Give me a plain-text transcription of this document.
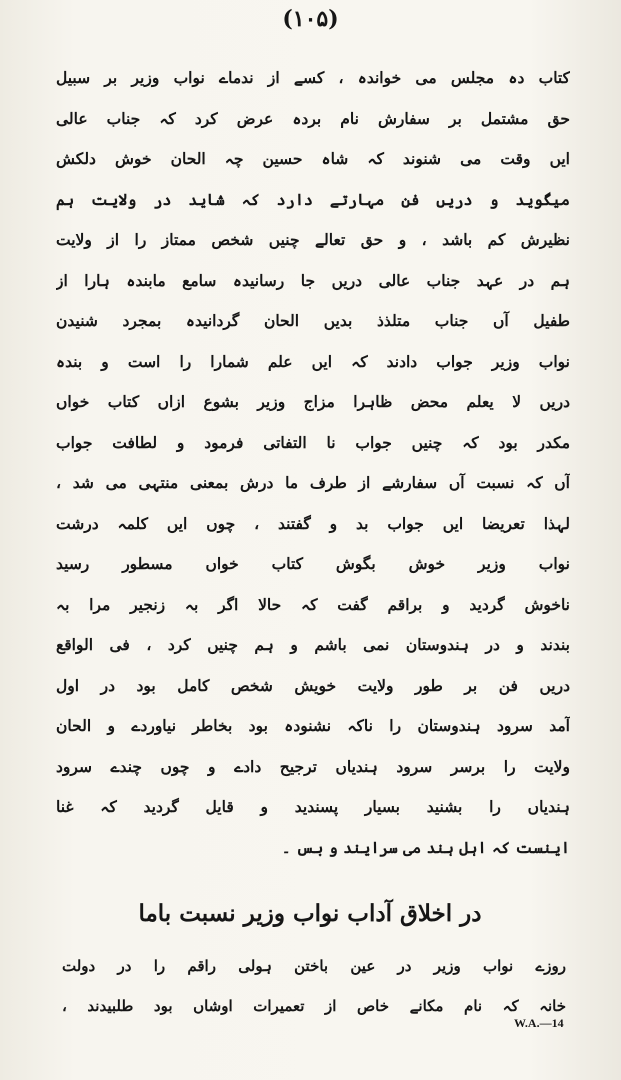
(۱۰۵)
کتاب دہ مجلس می خواندہ ، کسے از ندماے نواب وزیر بر سبیل
حق مشتمل بر سفارش نام بردہ عرض کرد کہ جناب عالی
ایں وقت می شنوند کہ شاہ حسین چہ الحان خوش دلکش
میگوید و دریں فن مہارتے دارد کہ شاید در ولایت ہم
نظیرش کم باشد ، و حق تعالے چنیں شخص ممتاز را از ولایت
ہم در عہد جناب عالی دریں جا رسانیدہ سامع مابندہ ہارا از
طفیل آں جناب متلذذ بدیں الحان گردانیدہ بمجرد شنیدن
نواب وزیر جواب دادند کہ ایں علم شمارا را است و بندہ
دریں لا یعلم محض ظاہرا مزاج وزیر بشوع ازاں کتاب خواں
مکدر بود کہ چنیں جواب نا التفاتی فرمود و لطافت جواب
آں کہ نسبت آں سفارشے از طرف ما درش بمعنی منتہی می شد ،
لہذا تعریضا ایں جواب بد و گفتند ، چوں ایں کلمہ درشت
نواب وزیر خوش بگوش کتاب خواں مسطور رسید
ناخوش گردید و براقم گفت کہ حالا اگر بہ زنجیر مرا بہ
بندند و در ہندوستان نمی باشم و ہم چنیں کرد ، فی الواقع
دریں فن بر طور ولایت خویش شخص کامل بود در اول
آمد سرود ہندوستان را ناکہ نشنودہ بود بخاطر نیاوردے و الحان
ولایت را برسر سرود ہندیاں ترجیح دادے و چوں چندے سرود
ہندیاں را بشنید بسیار پسندید و قایل گردید کہ غنا
اینست کہ اہل ہند می سرایند و بس ۔
در اخلاق آداب نواب وزیر نسبت باما
روزے نواب وزیر در عین باختن ہولی راقم را در دولت
خانہ کہ نام مکانے خاص از تعمیرات اوشاں بود طلبیدند ،
W.A.—14
